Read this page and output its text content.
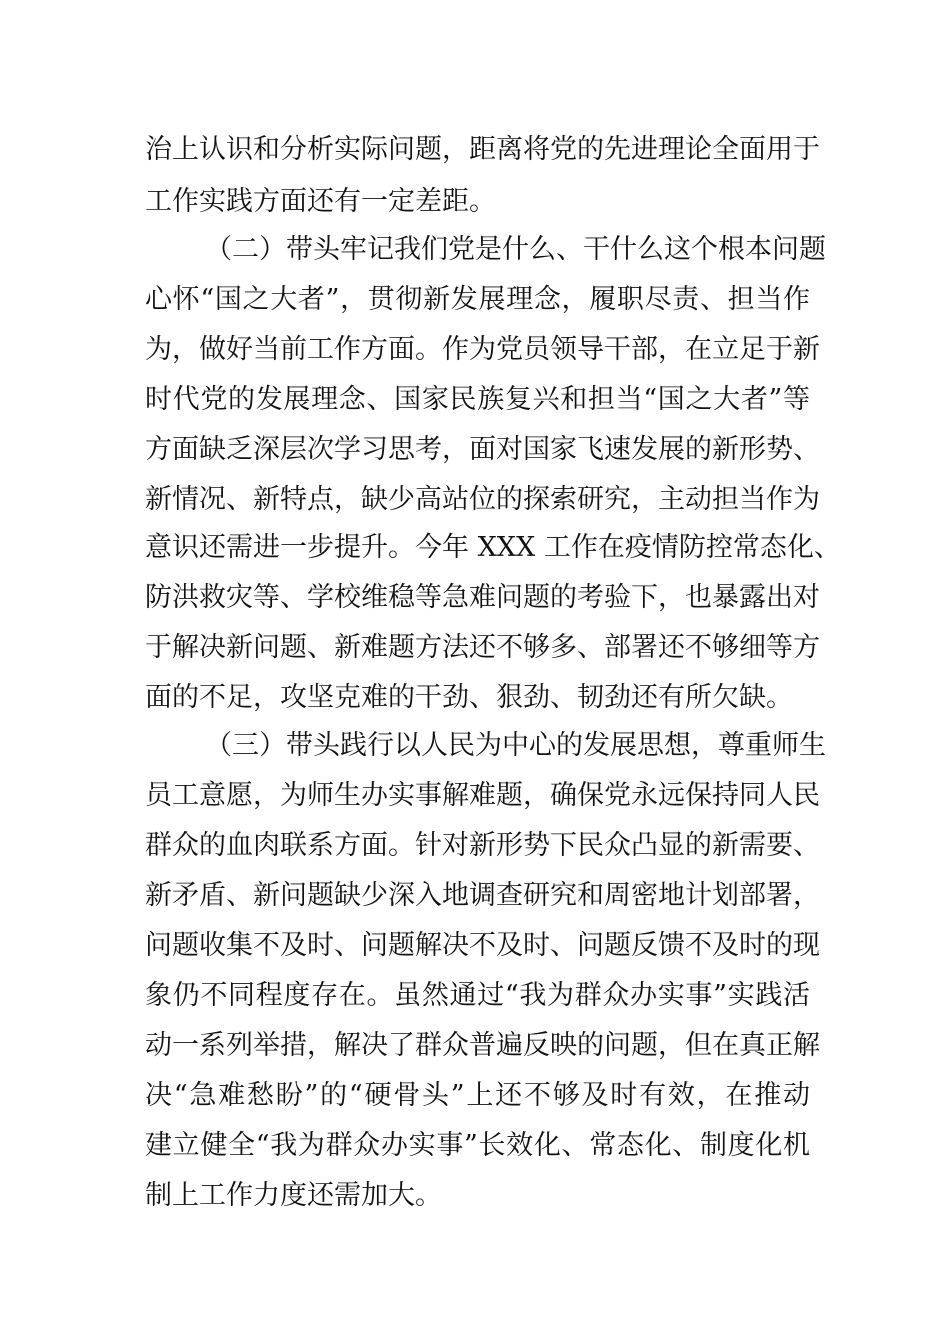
治上认识和分析实际问题，距离将党的先进理论全面用于
工作实践方面还有一定差距。
（二）带头牢记我们党是什么、干什么这个根本问题
心怀“国之大者”，贯彻新发展理念，履职尽责、担当作
为，做好当前工作方面。作为党员领导干部，在立足于新
时代党的发展理念、国家民族复兴和担当“国之大者”等
方面缺乏深层次学习思考，面对国家飞速发展的新形势、
新情况、新特点，缺少高站位的探索研究，主动担当作为
意识还需进一步提升。今年 XXX 工作在疫情防控常态化、
防洪救灾等、学校维稳等急难问题的考验下，也暴露出对
于解决新问题、新难题方法还不够多、部署还不够细等方
面的不足，攻坚克难的干劲、狠劲、韧劲还有所欠缺。
（三）带头践行以人民为中心的发展思想，尊重师生
员工意愿，为师生办实事解难题，确保党永远保持同人民
群众的血肉联系方面。针对新形势下民众凸显的新需要、
新矛盾、新问题缺少深入地调查研究和周密地计划部署，
问题收集不及时、问题解决不及时、问题反馈不及时的现
象仍不同程度存在。虽然通过“我为群众办实事”实践活
动一系列举措，解决了群众普遍反映的问题，但在真正解
决“急难愁盼”的“硬骨头”上还不够及时有效，在推动
建立健全“我为群众办实事”长效化、常态化、制度化机
制上工作力度还需加大。
